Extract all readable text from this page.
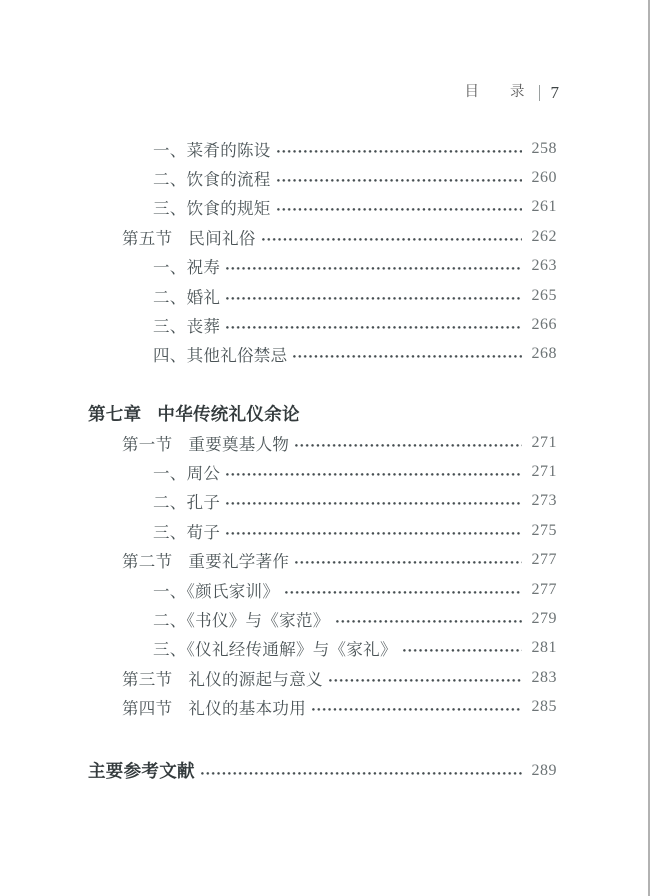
目 录 7
一、菜肴的陈设	258
二、饮食的流程	260
三、饮食的规矩	261
第五节 民间礼俗	262
一、祝寿	263
二、婚礼	265
三、丧葬	266
四、其他礼俗禁忌	268
第七章 中华传统礼仪余论
第一节 重要奠基人物	271
一、周公	271
二、孔子	273
三、荀子	275
第二节 重要礼学著作	277
一、《颜氏家训》	277
二、《书仪》与《家范》	279
三、《仪礼经传通解》与《家礼》	281
第三节 礼仪的源起与意义	283
第四节 礼仪的基本功用	285
主要参考文献	289
